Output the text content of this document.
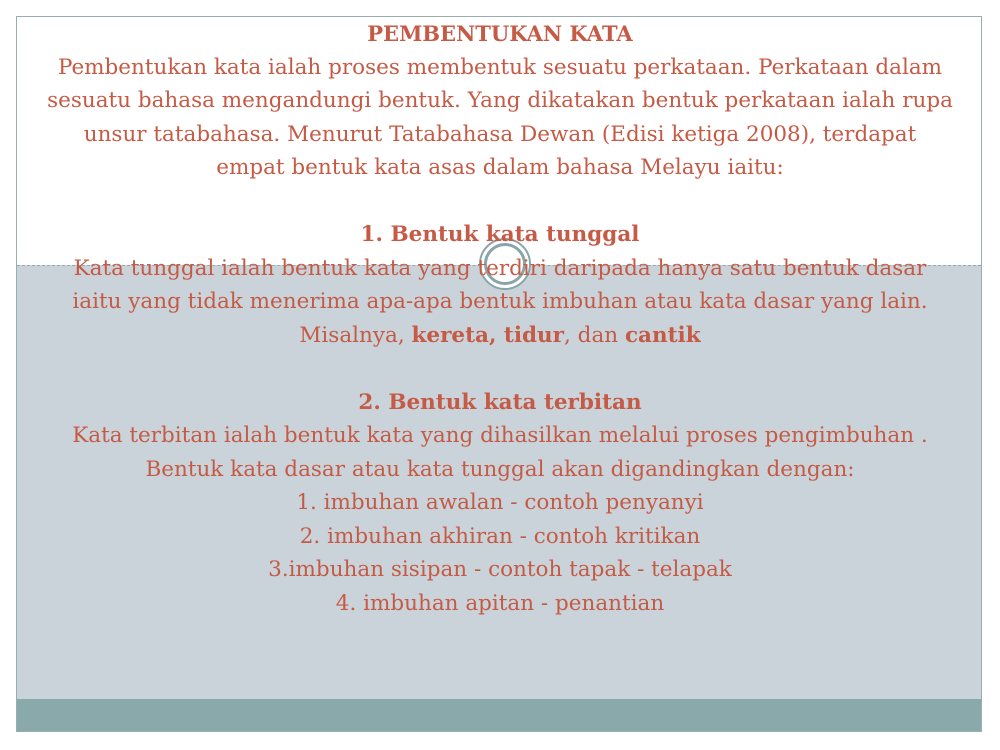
PEMBENTUKAN KATA

Pembentukan kata ialah proses membentuk sesuatu perkataan. Perkataan dalam sesuatu bahasa mengandungi bentuk. Yang dikatakan bentuk perkataan ialah rupa unsur tatabahasa. Menurut Tatabahasa Dewan (Edisi ketiga 2008), terdapat empat bentuk kata asas dalam bahasa Melayu iaitu:

1. Bentuk kata tunggal

Kata tunggal ialah bentuk kata yang terdiri daripada hanya satu bentuk dasar iaitu yang tidak menerima apa-apa bentuk imbuhan atau kata dasar yang lain. Misalnya, kereta, tidur, dan cantik

2. Bentuk kata terbitan

Kata terbitan ialah bentuk kata yang dihasilkan melalui proses pengimbuhan . Bentuk kata dasar atau kata tunggal akan digandingkan dengan:

1. imbuhan awalan - contoh penyanyi

2. imbuhan akhiran - contoh kritikan

3.imbuhan sisipan - contoh tapak - telapak

4. imbuhan apitan - penantian
